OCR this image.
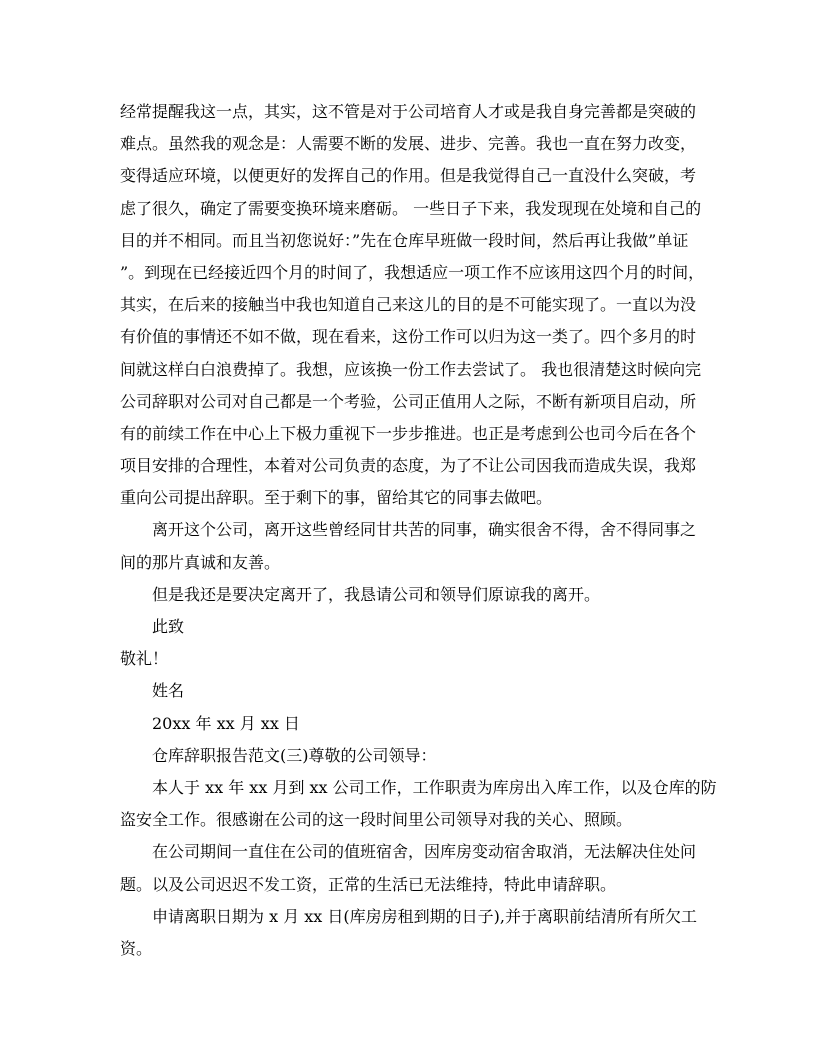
经常提醒我这一点，其实，这不管是对于公司培育人才或是我自身完善都是突破的
难点。虽然我的观念是：人需要不断的发展、进步、完善。我也一直在努力改变，
变得适应环境，以便更好的发挥自己的作用。但是我觉得自己一直没什么突破，考
虑了很久，确定了需要变换环境来磨砺。 一些日子下来，我发现现在处境和自己的
目的并不相同。而且当初您说好：”先在仓库早班做一段时间，然后再让我做”单证
”。到现在已经接近四个月的时间了，我想适应一项工作不应该用这四个月的时间，
其实，在后来的接触当中我也知道自己来这儿的目的是不可能实现了。一直以为没
有价值的事情还不如不做，现在看来，这份工作可以归为这一类了。四个多月的时
间就这样白白浪费掉了。我想，应该换一份工作去尝试了。 我也很清楚这时候向完
公司辞职对公司对自己都是一个考验，公司正值用人之际，不断有新项目启动，所
有的前续工作在中心上下极力重视下一步步推进。也正是考虑到公也司今后在各个
项目安排的合理性，本着对公司负责的态度，为了不让公司因我而造成失误，我郑
重向公司提出辞职。至于剩下的事，留给其它的同事去做吧。

离开这个公司，离开这些曾经同甘共苦的同事，确实很舍不得，舍不得同事之
间的那片真诚和友善。

但是我还是要决定离开了，我恳请公司和领导们原谅我的离开。

此致

敬礼！

姓名

20xx 年 xx 月 xx 日

仓库辞职报告范文(三)尊敬的公司领导：

本人于 xx 年 xx 月到 xx 公司工作，工作职责为库房出入库工作，以及仓库的防
盗安全工作。很感谢在公司的这一段时间里公司领导对我的关心、照顾。

在公司期间一直住在公司的值班宿舍，因库房变动宿舍取消，无法解决住处问
题。以及公司迟迟不发工资，正常的生活已无法维持，特此申请辞职。

申请离职日期为 x 月 xx 日(库房房租到期的日子),并于离职前结清所有所欠工
资。
